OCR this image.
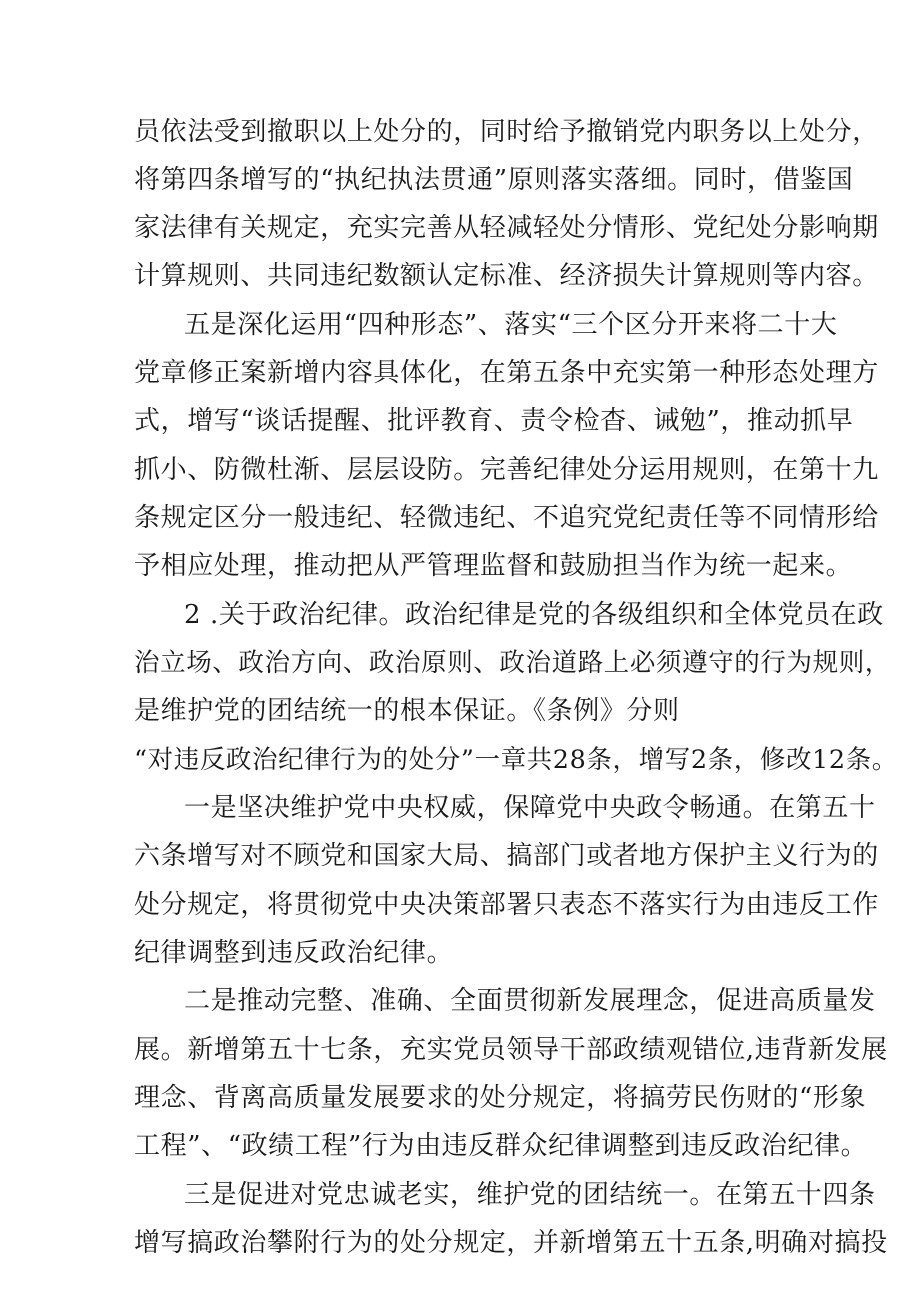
员依法受到撤职以上处分的，同时给予撤销党内职务以上处分，
将第四条增写的“执纪执法贯通”原则落实落细。同时，借鉴国
家法律有关规定，充实完善从轻减轻处分情形、党纪处分影响期
计算规则、共同违纪数额认定标准、经济损失计算规则等内容。
五是深化运用“四种形态”、落实“三个区分开来将二十大
党章修正案新增内容具体化，在第五条中充实第一种形态处理方
式，增写“谈话提醒、批评教育、责令检杳、诫勉”，推动抓早
抓小、防微杜渐、层层设防。完善纪律处分运用规则，在第十九
条规定区分一般违纪、轻微违纪、不追究党纪责任等不同情形给
予相应处理，推动把从严管理监督和鼓励担当作为统一起来。
2 .关于政治纪律。政治纪律是党的各级组织和全体党员在政
治立场、政治方向、政治原则、政治道路上必须遵守的行为规则，
是维护党的团结统一的根本保证。《条例》分则
“对违反政治纪律行为的处分”一章共28条，增写2条，修改12条。
一是坚决维护党中央权威，保障党中央政令畅通。在第五十
六条增写对不顾党和国家大局、搞部门或者地方保护主义行为的
处分规定，将贯彻党中央决策部署只表态不落实行为由违反工作
纪律调整到违反政治纪律。
二是推动完整、准确、全面贯彻新发展理念，促进高质量发
展。新增第五十七条，充实党员领导干部政绩观错位,违背新发展
理念、背离高质量发展要求的处分规定，将搞劳民伤财的“形象
工程”、“政绩工程”行为由违反群众纪律调整到违反政治纪律。
三是促进对党忠诚老实，维护党的团结统一。在第五十四条
增写搞政治攀附行为的处分规定，并新增第五十五条,明确对搞投
